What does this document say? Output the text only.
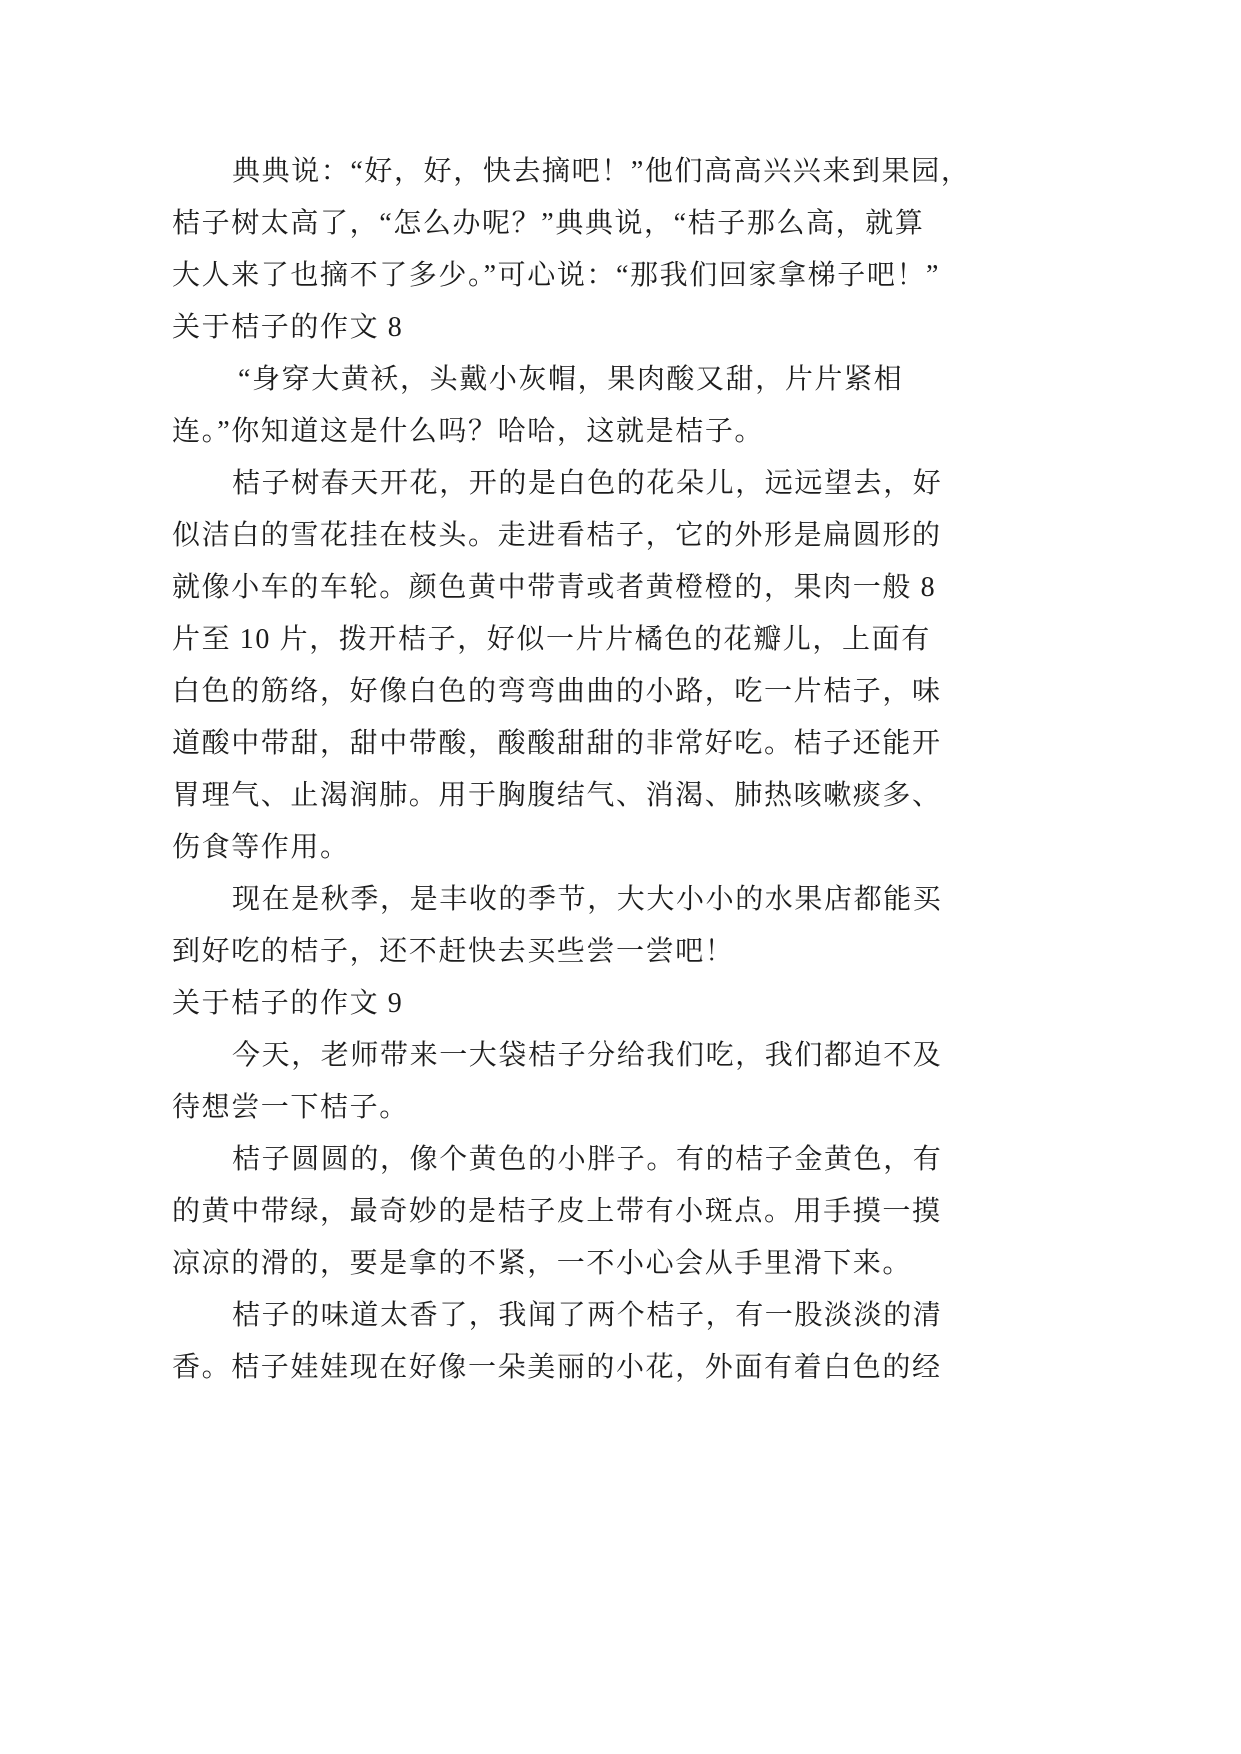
典典说：“好，好，快去摘吧！”他们高高兴兴来到果园，
桔子树太高了，“怎么办呢？”典典说，“桔子那么高，就算
大人来了也摘不了多少。”可心说：“那我们回家拿梯子吧！”
关于桔子的作文 8
“身穿大黄袄，头戴小灰帽，果肉酸又甜，片片紧相
连。”你知道这是什么吗？哈哈，这就是桔子。
桔子树春天开花，开的是白色的花朵儿，远远望去，好
似洁白的雪花挂在枝头。走进看桔子，它的外形是扁圆形的
就像小车的车轮。颜色黄中带青或者黄橙橙的，果肉一般 8
片至 10 片，拨开桔子，好似一片片橘色的花瓣儿，上面有
白色的筋络，好像白色的弯弯曲曲的小路，吃一片桔子，味
道酸中带甜，甜中带酸，酸酸甜甜的非常好吃。桔子还能开
胃理气、止渴润肺。用于胸腹结气、消渴、肺热咳嗽痰多、
伤食等作用。
现在是秋季，是丰收的季节，大大小小的水果店都能买
到好吃的桔子，还不赶快去买些尝一尝吧！
关于桔子的作文 9
今天，老师带来一大袋桔子分给我们吃，我们都迫不及
待想尝一下桔子。
桔子圆圆的，像个黄色的小胖子。有的桔子金黄色，有
的黄中带绿，最奇妙的是桔子皮上带有小斑点。用手摸一摸
凉凉的滑的，要是拿的不紧，一不小心会从手里滑下来。
桔子的味道太香了，我闻了两个桔子，有一股淡淡的清
香。桔子娃娃现在好像一朵美丽的小花，外面有着白色的经
